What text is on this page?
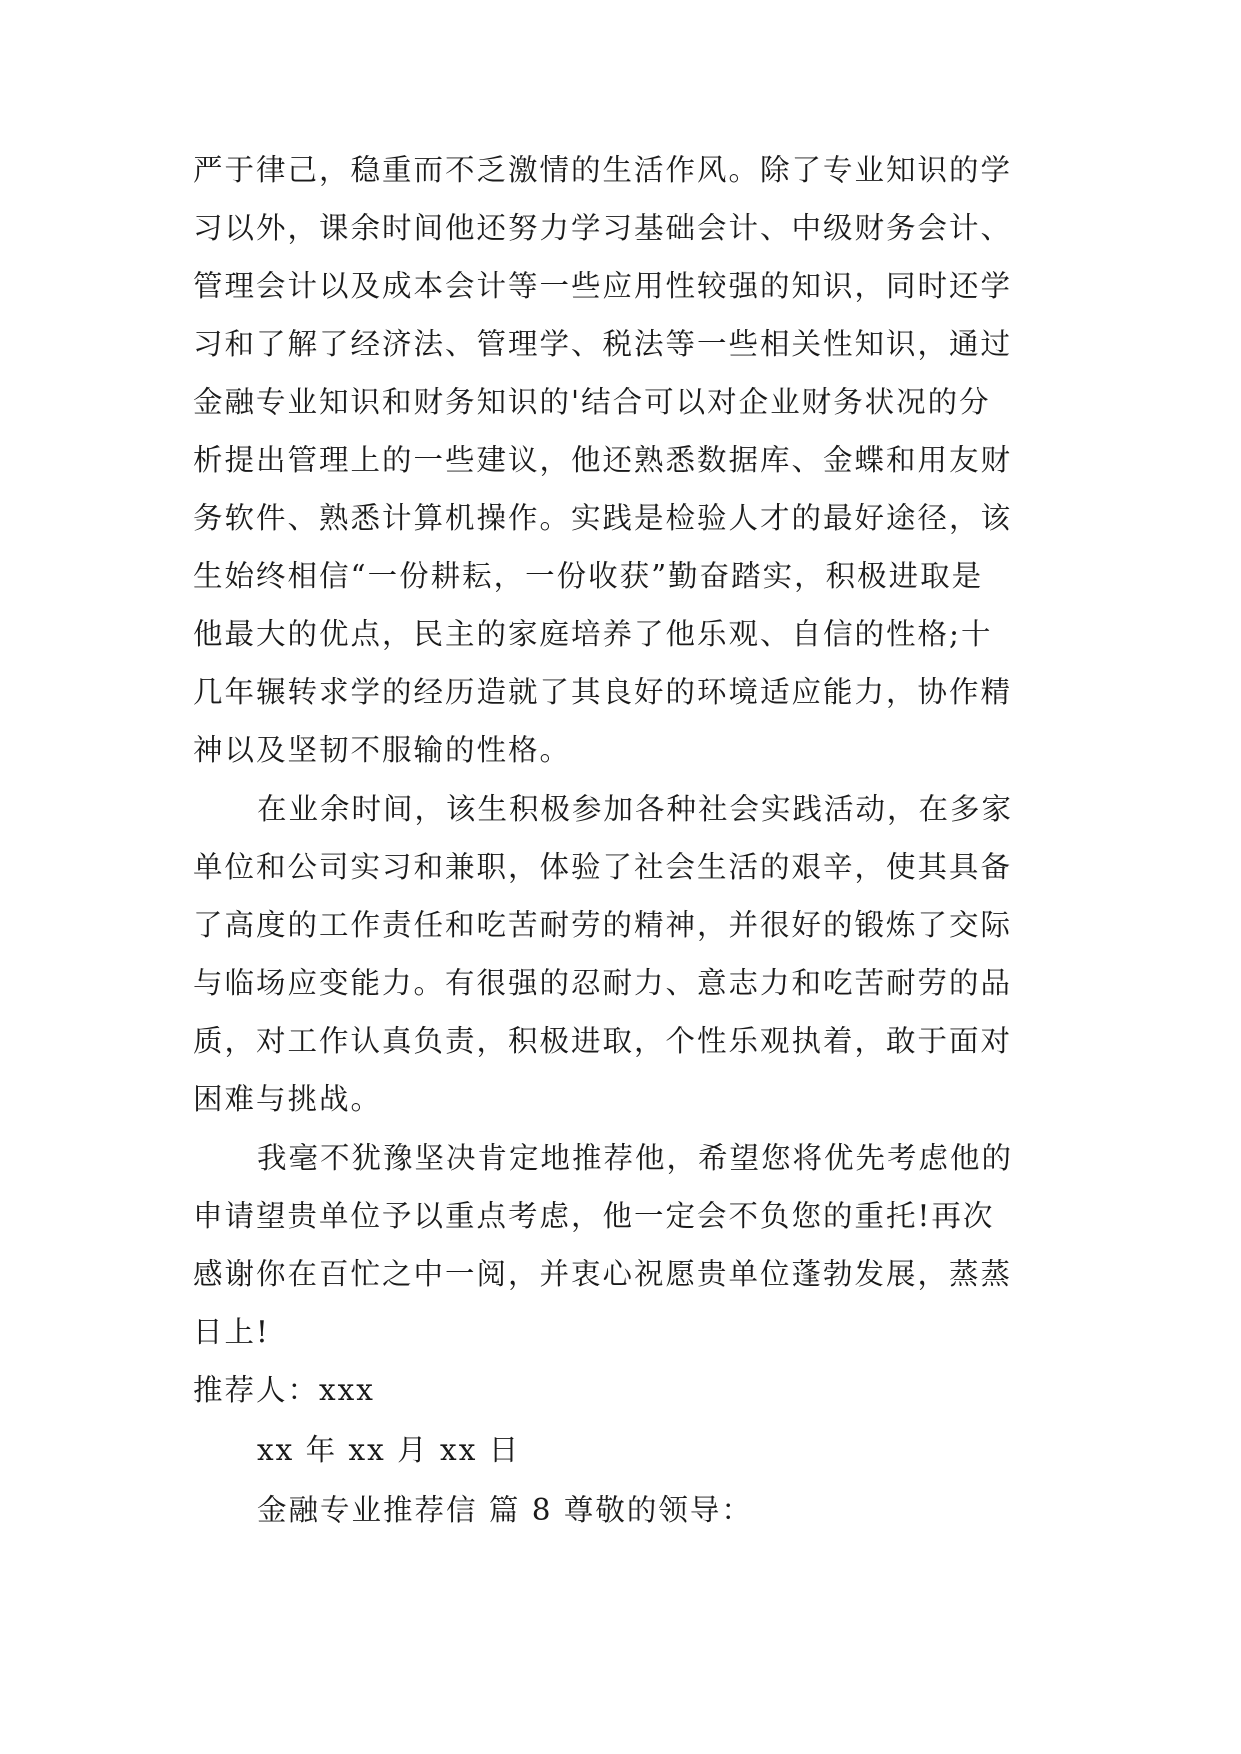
严于律己，稳重而不乏激情的生活作风。除了专业知识的学

习以外，课余时间他还努力学习基础会计、中级财务会计、

管理会计以及成本会计等一些应用性较强的知识，同时还学

习和了解了经济法、管理学、税法等一些相关性知识，通过

金融专业知识和财务知识的'结合可以对企业财务状况的分

析提出管理上的一些建议，他还熟悉数据库、金蝶和用友财

务软件、熟悉计算机操作。实践是检验人才的最好途径，该

生始终相信“一份耕耘，一份收获”勤奋踏实，积极进取是

他最大的优点，民主的家庭培养了他乐观、自信的性格;十

几年辗转求学的经历造就了其良好的环境适应能力，协作精

神以及坚韧不服输的性格。

在业余时间，该生积极参加各种社会实践活动，在多家

单位和公司实习和兼职，体验了社会生活的艰辛，使其具备

了高度的工作责任和吃苦耐劳的精神，并很好的锻炼了交际

与临场应变能力。有很强的忍耐力、意志力和吃苦耐劳的品

质，对工作认真负责，积极进取，个性乐观执着，敢于面对

困难与挑战。

我毫不犹豫坚决肯定地推荐他，希望您将优先考虑他的

申请望贵单位予以重点考虑，他一定会不负您的重托!再次

感谢你在百忙之中一阅，并衷心祝愿贵单位蓬勃发展，蒸蒸

日上!

推荐人：xxx

xx 年 xx 月 xx 日

金融专业推荐信 篇 8 尊敬的领导：
